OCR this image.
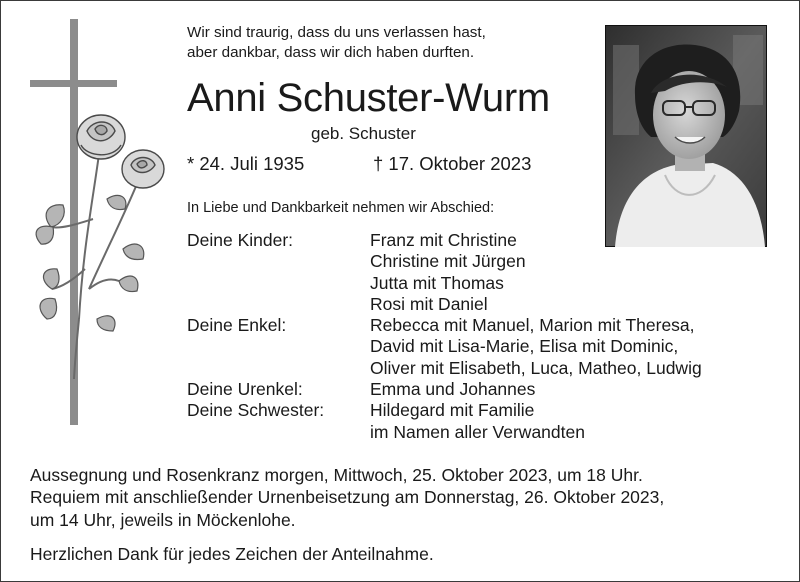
Wir sind traurig, dass du uns verlassen hast,
aber dankbar, dass wir dich haben durften.
Anni Schuster-Wurm
geb. Schuster
* 24. Juli 1935	† 17. Oktober 2023
In Liebe und Dankbarkeit nehmen wir Abschied:
Deine Kinder:	Franz mit Christine
Christine mit Jürgen
Jutta mit Thomas
Rosi mit Daniel
Deine Enkel:	Rebecca mit Manuel, Marion mit Theresa,
David mit Lisa-Marie, Elisa mit Dominic,
Oliver mit Elisabeth, Luca, Matheo, Ludwig
Deine Urenkel:	Emma und Johannes
Deine Schwester:	Hildegard mit Familie
im Namen aller Verwandten
Aussegnung und Rosenkranz morgen, Mittwoch, 25. Oktober 2023, um 18 Uhr.
Requiem mit anschließender Urnenbeisetzung am Donnerstag, 26. Oktober 2023,
um 14 Uhr, jeweils in Möckenlohe.
Herzlichen Dank für jedes Zeichen der Anteilnahme.
